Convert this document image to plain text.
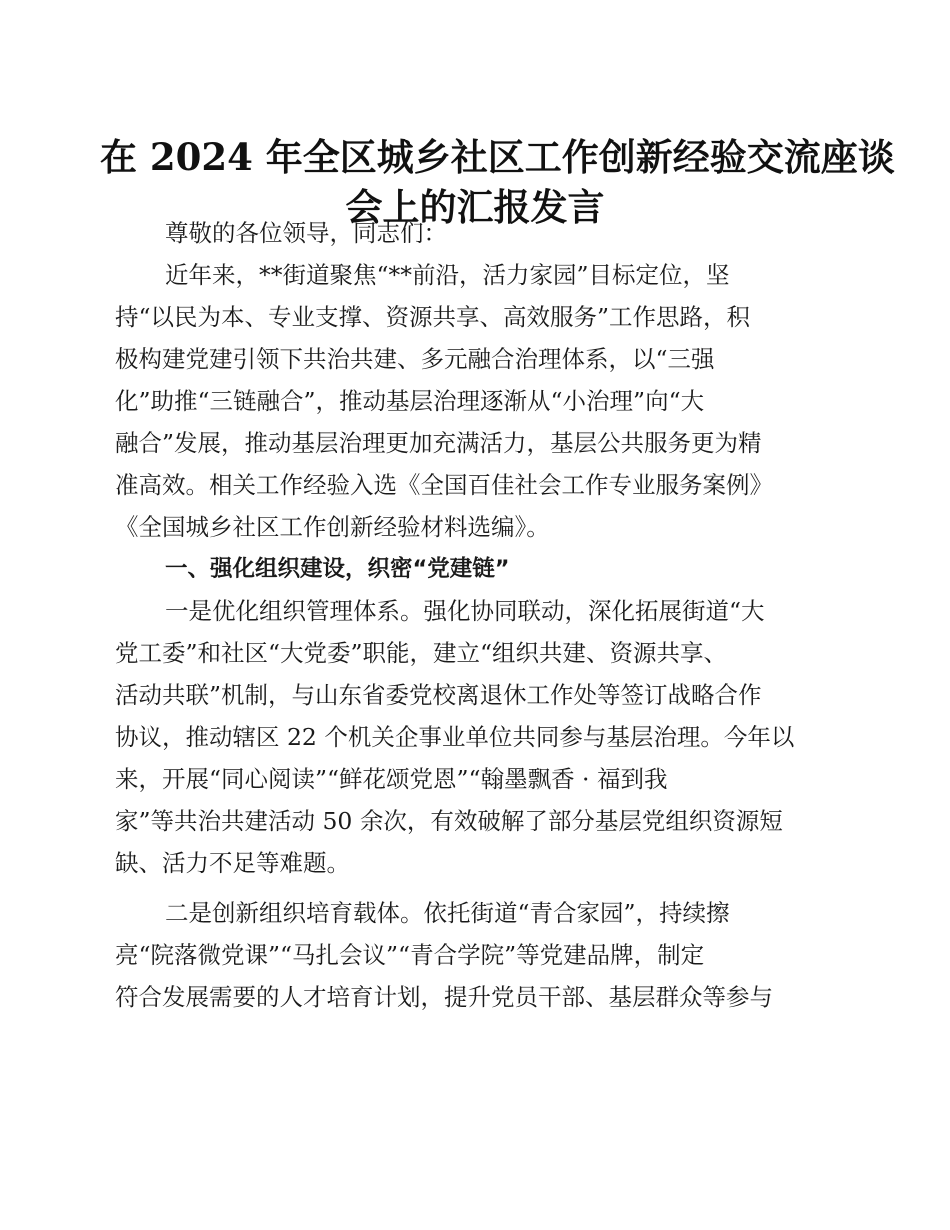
在 2024 年全区城乡社区工作创新经验交流座谈
会上的汇报发言
尊敬的各位领导，同志们：
近年来，**街道聚焦“**前沿，活力家园”目标定位，坚
持“以民为本、专业支撑、资源共享、高效服务”工作思路，积
极构建党建引领下共治共建、多元融合治理体系，以“三强
化”助推“三链融合”，推动基层治理逐渐从“小治理”向“大
融合”发展，推动基层治理更加充满活力，基层公共服务更为精
准高效。相关工作经验入选《全国百佳社会工作专业服务案例》
《全国城乡社区工作创新经验材料选编》。
一、强化组织建设，织密“党建链”
一是优化组织管理体系。强化协同联动，深化拓展街道“大
党工委”和社区“大党委”职能，建立“组织共建、资源共享、
活动共联”机制，与山东省委党校离退休工作处等签订战略合作
协议，推动辖区 22 个机关企事业单位共同参与基层治理。今年以
来，开展“同心阅读”“鲜花颂党恩”“翰墨飘香 · 福到我
家”等共治共建活动 50 余次，有效破解了部分基层党组织资源短
缺、活力不足等难题。
二是创新组织培育载体。依托街道“青合家园”，持续擦
亮“院落微党课”“马扎会议”“青合学院”等党建品牌，制定
符合发展需要的人才培育计划，提升党员干部、基层群众等参与
